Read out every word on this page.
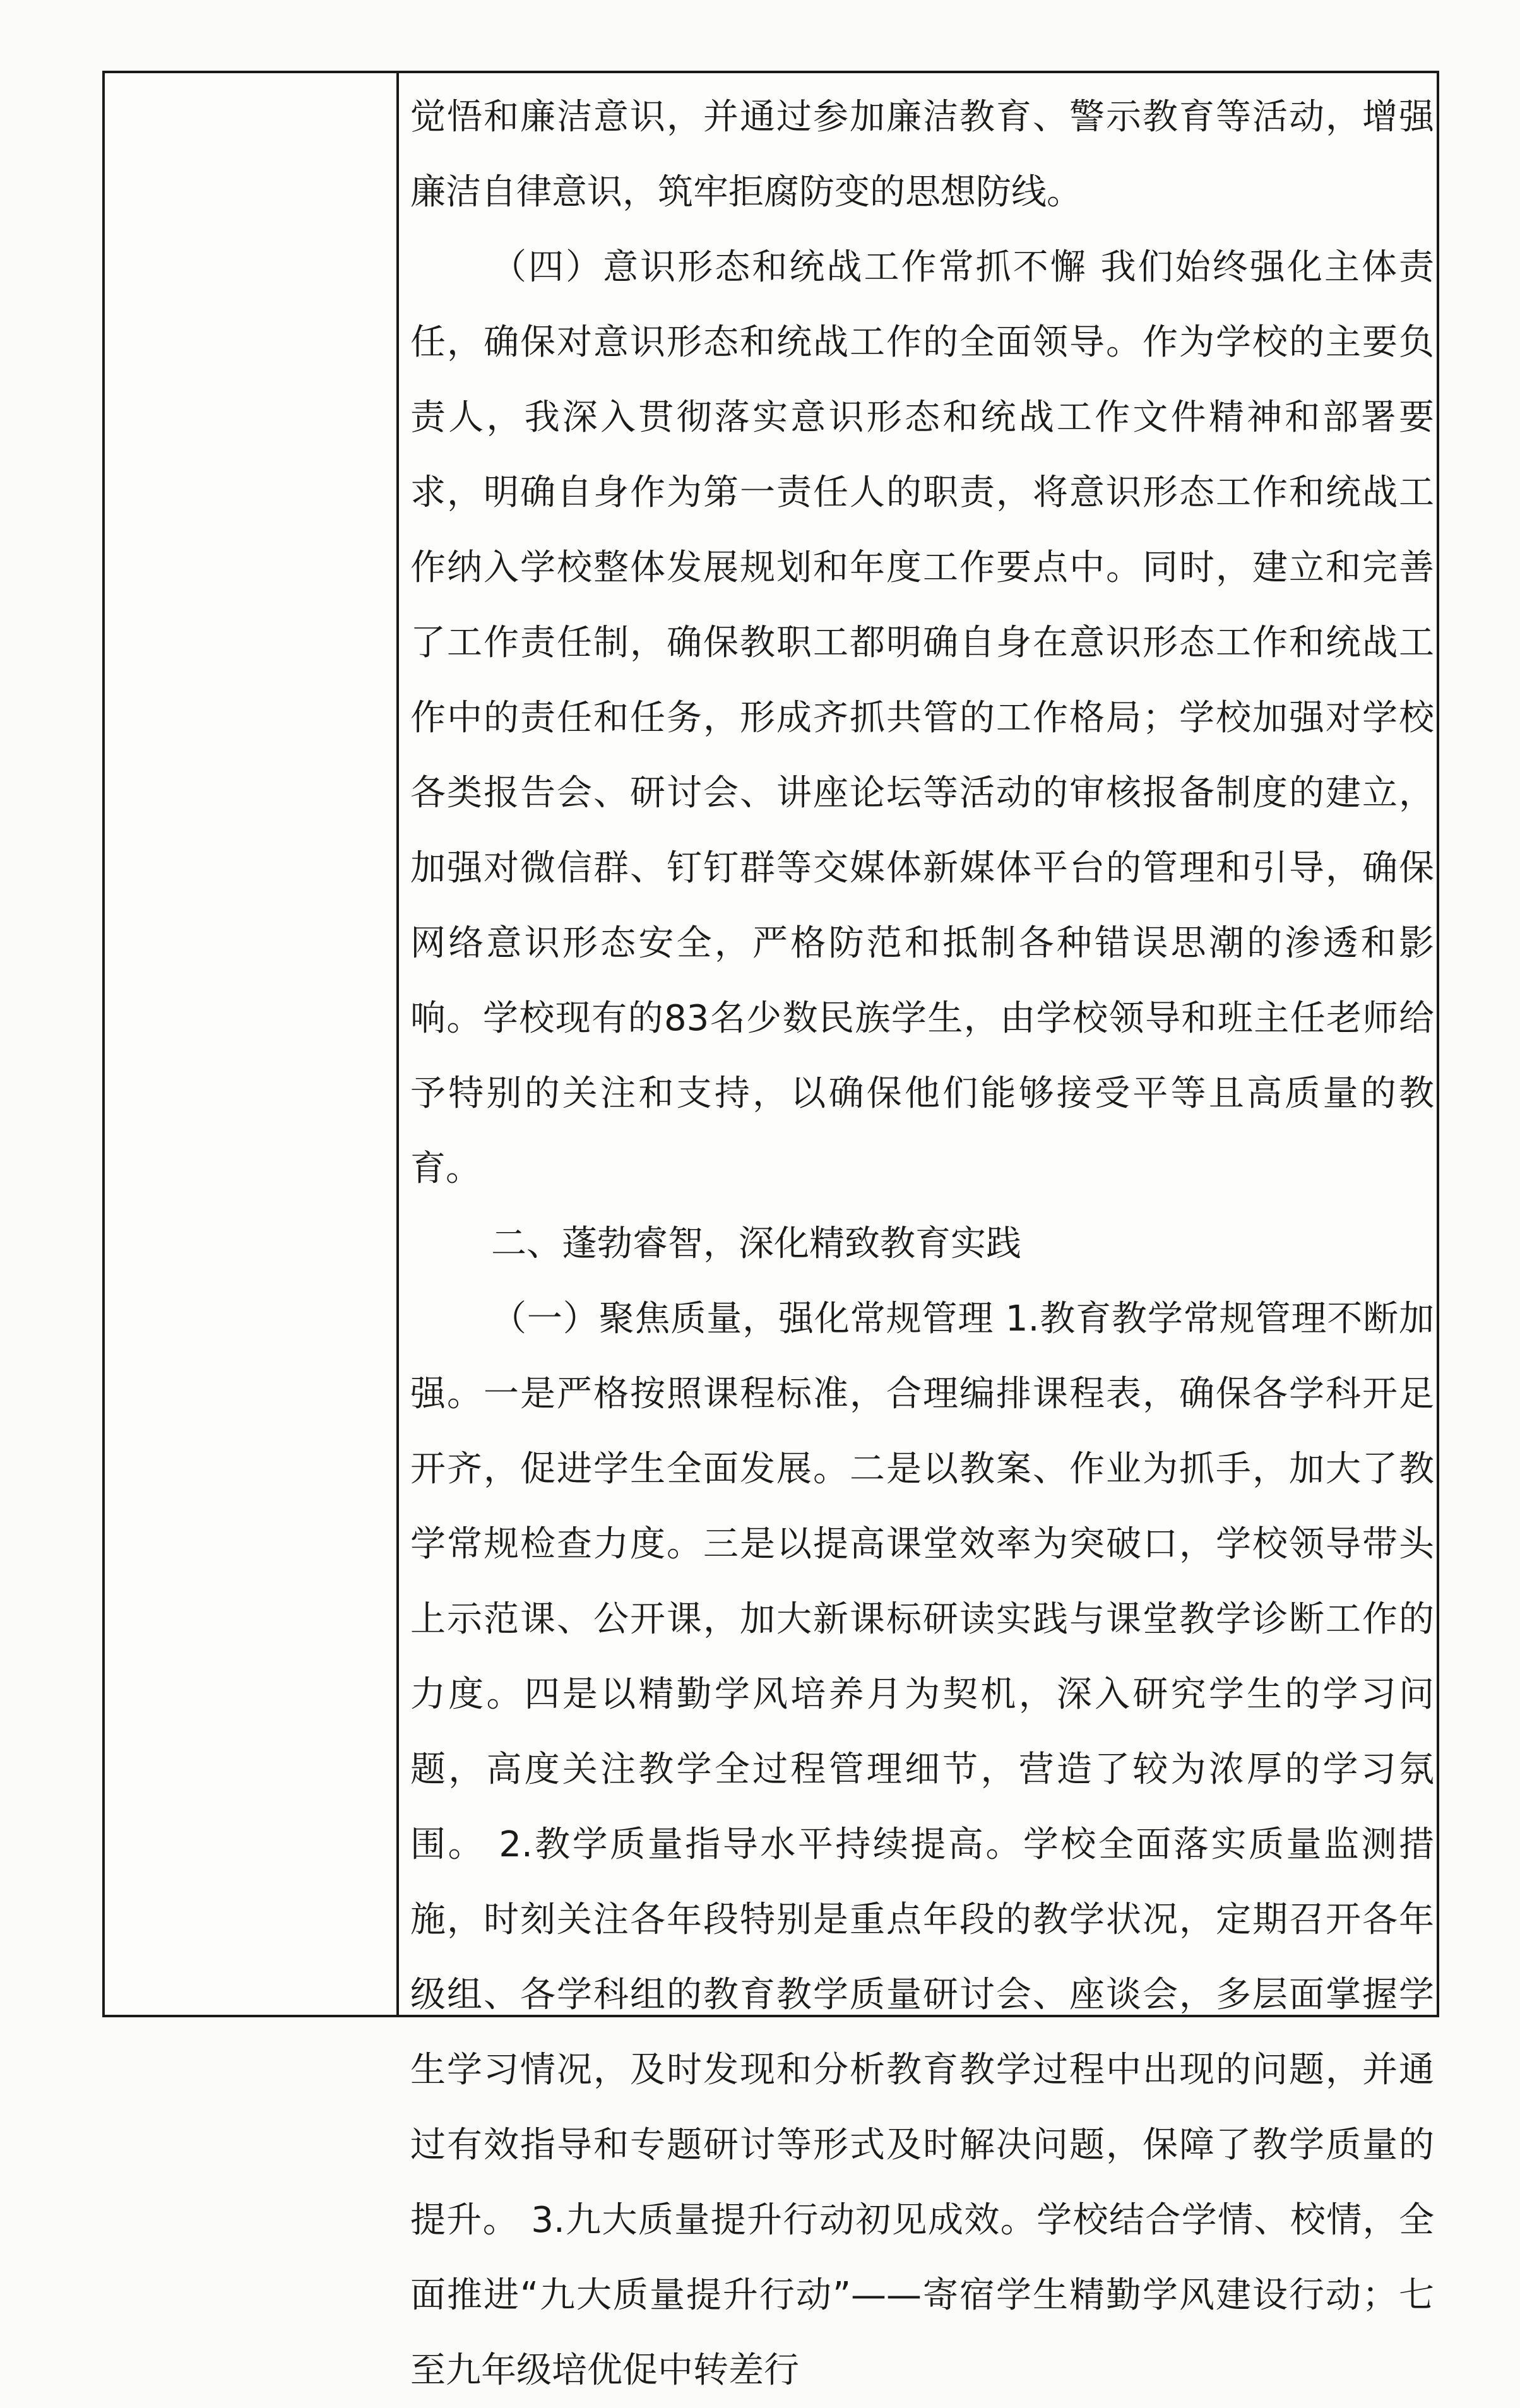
觉悟和廉洁意识，并通过参加廉洁教育、警示教育等活动，增强廉洁自律意识，筑牢拒腐防变的思想防线。

（四）意识形态和统战工作常抓不懈 我们始终强化主体责任，确保对意识形态和统战工作的全面领导。作为学校的主要负责人，我深入贯彻落实意识形态和统战工作文件精神和部署要求，明确自身作为第一责任人的职责，将意识形态工作和统战工作纳入学校整体发展规划和年度工作要点中。同时，建立和完善了工作责任制，确保教职工都明确自身在意识形态工作和统战工作中的责任和任务，形成齐抓共管的工作格局；学校加强对学校各类报告会、研讨会、讲座论坛等活动的审核报备制度的建立，加强对微信群、钉钉群等交媒体新媒体平台的管理和引导，确保网络意识形态安全，严格防范和抵制各种错误思潮的渗透和影响。学校现有的83名少数民族学生，由学校领导和班主任老师给予特别的关注和支持，以确保他们能够接受平等且高质量的教育。

二、蓬勃睿智，深化精致教育实践

（一）聚焦质量，强化常规管理 1.教育教学常规管理不断加强。一是严格按照课程标准，合理编排课程表，确保各学科开足开齐，促进学生全面发展。二是以教案、作业为抓手，加大了教学常规检查力度。三是以提高课堂效率为突破口，学校领导带头上示范课、公开课，加大新课标研读实践与课堂教学诊断工作的力度。四是以精勤学风培养月为契机，深入研究学生的学习问题，高度关注教学全过程管理细节，营造了较为浓厚的学习氛围。 2.教学质量指导水平持续提高。学校全面落实质量监测措施，时刻关注各年段特别是重点年段的教学状况，定期召开各年级组、各学科组的教育教学质量研讨会、座谈会，多层面掌握学生学习情况，及时发现和分析教育教学过程中出现的问题，并通过有效指导和专题研讨等形式及时解决问题，保障了教学质量的提升。 3.九大质量提升行动初见成效。学校结合学情、校情，全面推进“九大质量提升行动”——寄宿学生精勤学风建设行动；七至九年级培优促中转差行
